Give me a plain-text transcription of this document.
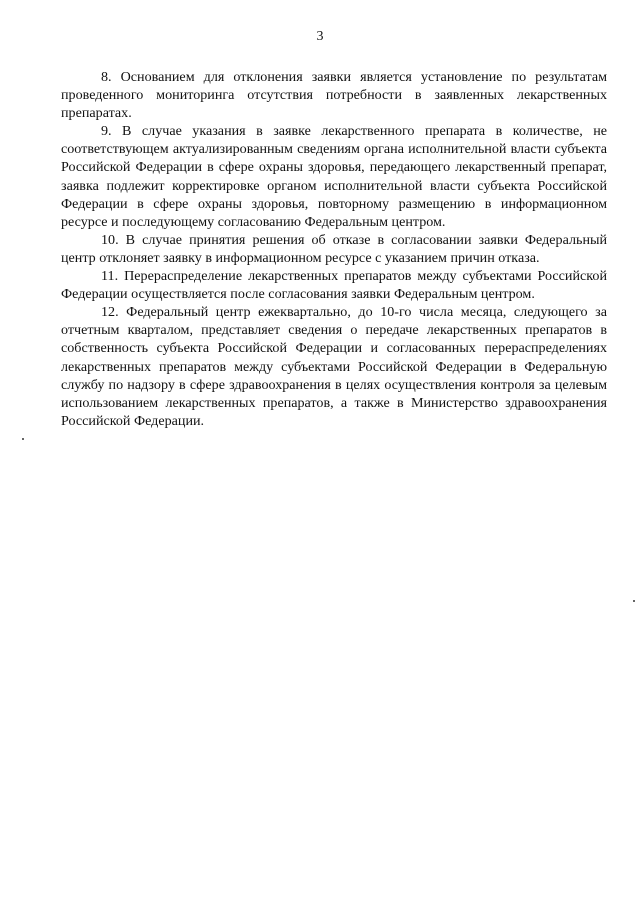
3

8. Основанием для отклонения заявки является установление по результатам проведенного мониторинга отсутствия потребности в заявленных лекарственных препаратах.

9. В случае указания в заявке лекарственного препарата в количестве, не соответствующем актуализированным сведениям органа исполнительной власти субъекта Российской Федерации в сфере охраны здоровья, передающего лекарственный препарат, заявка подлежит корректировке органом исполнительной власти субъекта Российской Федерации в сфере охраны здоровья, повторному размещению в информационном ресурсе и последующему согласованию Федеральным центром.

10. В случае принятия решения об отказе в согласовании заявки Федеральный центр отклоняет заявку в информационном ресурсе с указанием причин отказа.

11. Перераспределение лекарственных препаратов между субъектами Российской Федерации осуществляется после согласования заявки Федеральным центром.

12. Федеральный центр ежеквартально, до 10-го числа месяца, следующего за отчетным кварталом, представляет сведения о передаче лекарственных препаратов в собственность субъекта Российской Федерации и согласованных перераспределениях лекарственных препаратов между субъектами Российской Федерации в Федеральную службу по надзору в сфере здравоохранения в целях осуществления контроля за целевым использованием лекарственных препаратов, а также в Министерство здравоохранения Российской Федерации.
